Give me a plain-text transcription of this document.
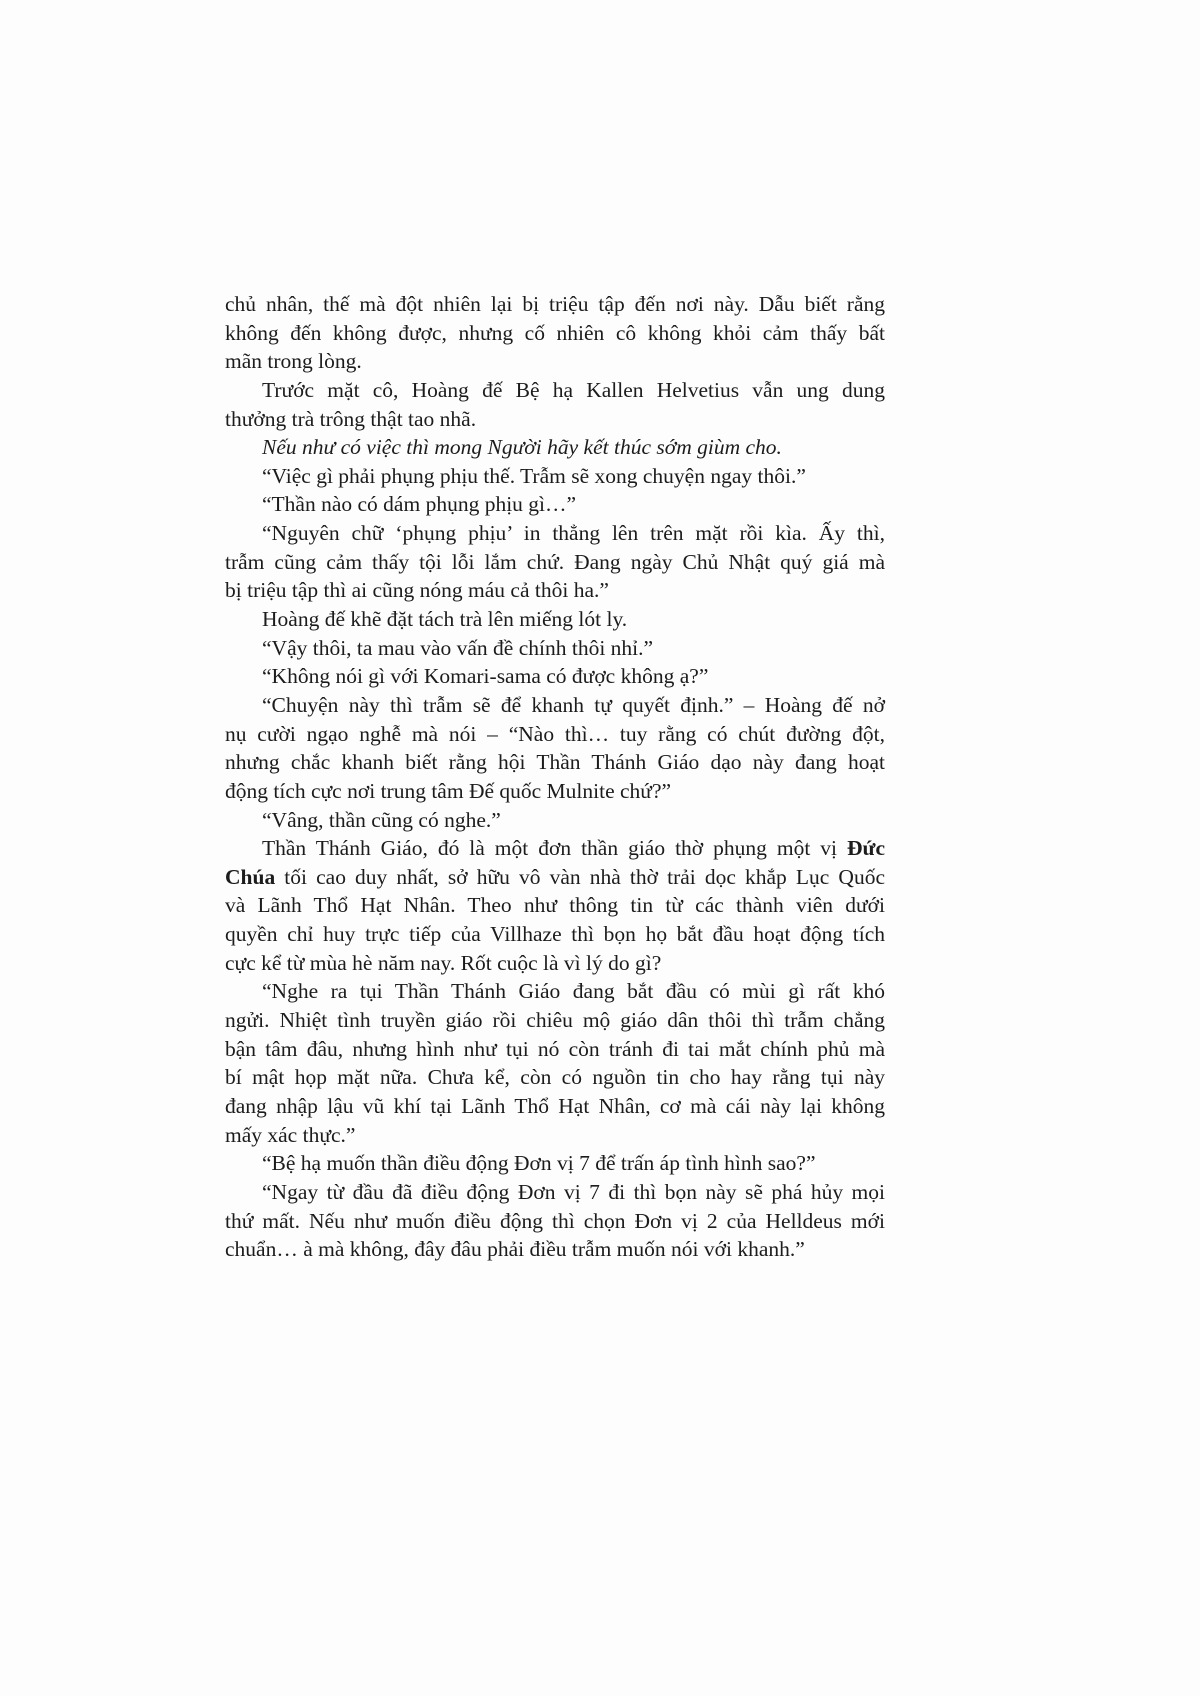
chủ nhân, thế mà đột nhiên lại bị triệu tập đến nơi này. Dẫu biết rằng
không đến không được, nhưng cố nhiên cô không khỏi cảm thấy bất
mãn trong lòng.
Trước mặt cô, Hoàng đế Bệ hạ Kallen Helvetius vẫn ung dung
thưởng trà trông thật tao nhã.
Nếu như có việc thì mong Người hãy kết thúc sớm giùm cho.
“Việc gì phải phụng phịu thế. Trẫm sẽ xong chuyện ngay thôi.”
“Thần nào có dám phụng phịu gì…”
“Nguyên chữ ‘phụng phịu’ in thẳng lên trên mặt rồi kìa. Ấy thì,
trẫm cũng cảm thấy tội lỗi lắm chứ. Đang ngày Chủ Nhật quý giá mà
bị triệu tập thì ai cũng nóng máu cả thôi ha.”
Hoàng đế khẽ đặt tách trà lên miếng lót ly.
“Vậy thôi, ta mau vào vấn đề chính thôi nhỉ.”
“Không nói gì với Komari-sama có được không ạ?”
“Chuyện này thì trẫm sẽ để khanh tự quyết định.” – Hoàng đế nở
nụ cười ngạo nghễ mà nói – “Nào thì… tuy rằng có chút đường đột,
nhưng chắc khanh biết rằng hội Thần Thánh Giáo dạo này đang hoạt
động tích cực nơi trung tâm Đế quốc Mulnite chứ?”
“Vâng, thần cũng có nghe.”
Thần Thánh Giáo, đó là một đơn thần giáo thờ phụng một vị Đức
Chúa tối cao duy nhất, sở hữu vô vàn nhà thờ trải dọc khắp Lục Quốc
và Lãnh Thổ Hạt Nhân. Theo như thông tin từ các thành viên dưới
quyền chỉ huy trực tiếp của Villhaze thì bọn họ bắt đầu hoạt động tích
cực kể từ mùa hè năm nay. Rốt cuộc là vì lý do gì?
“Nghe ra tụi Thần Thánh Giáo đang bắt đầu có mùi gì rất khó
ngửi. Nhiệt tình truyền giáo rồi chiêu mộ giáo dân thôi thì trẫm chẳng
bận tâm đâu, nhưng hình như tụi nó còn tránh đi tai mắt chính phủ mà
bí mật họp mặt nữa. Chưa kể, còn có nguồn tin cho hay rằng tụi này
đang nhập lậu vũ khí tại Lãnh Thổ Hạt Nhân, cơ mà cái này lại không
mấy xác thực.”
“Bệ hạ muốn thần điều động Đơn vị 7 để trấn áp tình hình sao?”
“Ngay từ đầu đã điều động Đơn vị 7 đi thì bọn này sẽ phá hủy mọi
thứ mất. Nếu như muốn điều động thì chọn Đơn vị 2 của Helldeus mới
chuẩn… à mà không, đây đâu phải điều trẫm muốn nói với khanh.”
